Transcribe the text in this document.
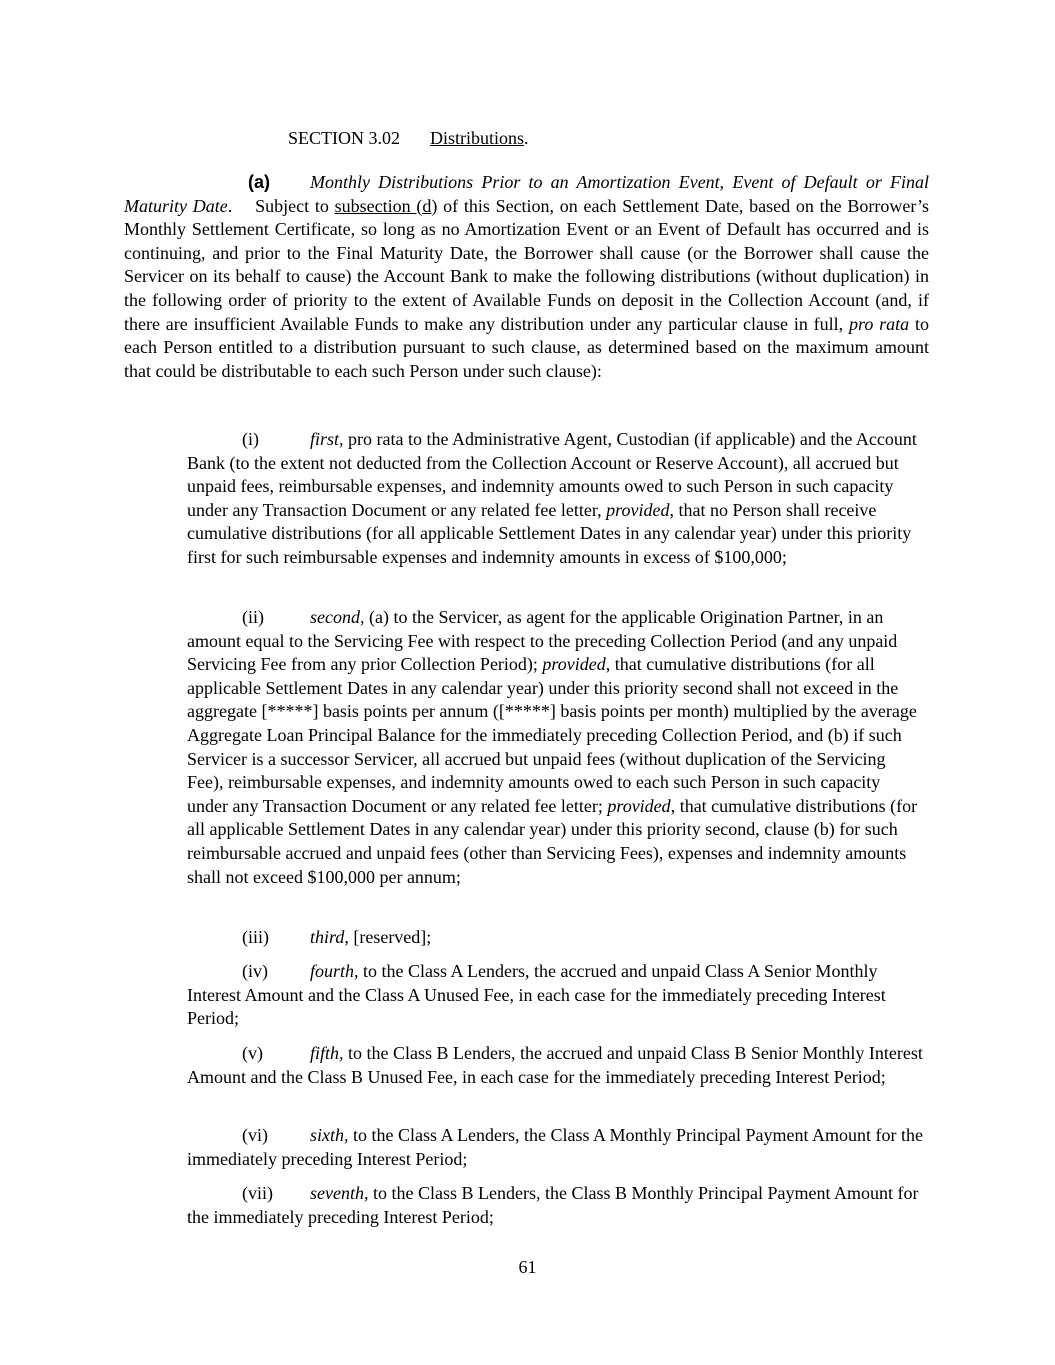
SECTION 3.02 Distributions.

(a) Monthly Distributions Prior to an Amortization Event, Event of Default or Final Maturity Date. Subject to subsection (d) of this Section, on each Settlement Date, based on the Borrower’s Monthly Settlement Certificate, so long as no Amortization Event or an Event of Default has occurred and is continuing, and prior to the Final Maturity Date, the Borrower shall cause (or the Borrower shall cause the Servicer on its behalf to cause) the Account Bank to make the following distributions (without duplication) in the following order of priority to the extent of Available Funds on deposit in the Collection Account (and, if there are insufficient Available Funds to make any distribution under any particular clause in full, pro rata to each Person entitled to a distribution pursuant to such clause, as determined based on the maximum amount that could be distributable to each such Person under such clause):

(i)	first, pro rata to the Administrative Agent, Custodian (if applicable) and the Account Bank (to the extent not deducted from the Collection Account or Reserve Account), all accrued but unpaid fees, reimbursable expenses, and indemnity amounts owed to such Person in such capacity under any Transaction Document or any related fee letter, provided, that no Person shall receive cumulative distributions (for all applicable Settlement Dates in any calendar year) under this priority first for such reimbursable expenses and indemnity amounts in excess of $100,000;

(ii)	second, (a) to the Servicer, as agent for the applicable Origination Partner, in an amount equal to the Servicing Fee with respect to the preceding Collection Period (and any unpaid Servicing Fee from any prior Collection Period); provided, that cumulative distributions (for all applicable Settlement Dates in any calendar year) under this priority second shall not exceed in the aggregate [*****] basis points per annum ([*****] basis points per month) multiplied by the average Aggregate Loan Principal Balance for the immediately preceding Collection Period, and (b) if such Servicer is a successor Servicer, all accrued but unpaid fees (without duplication of the Servicing Fee), reimbursable expenses, and indemnity amounts owed to each such Person in such capacity under any Transaction Document or any related fee letter; provided, that cumulative distributions (for all applicable Settlement Dates in any calendar year) under this priority second, clause (b) for such reimbursable accrued and unpaid fees (other than Servicing Fees), expenses and indemnity amounts shall not exceed $100,000 per annum;

(iii) third, [reserved];

(iv) fourth, to the Class A Lenders, the accrued and unpaid Class A Senior Monthly Interest Amount and the Class A Unused Fee, in each case for the immediately preceding Interest Period;

(v)	fifth, to the Class B Lenders, the accrued and unpaid Class B Senior Monthly Interest Amount and the Class B Unused Fee, in each case for the immediately preceding Interest Period;

(vi) sixth, to the Class A Lenders, the Class A Monthly Principal Payment Amount for the immediately preceding Interest Period;

(vii) seventh, to the Class B Lenders, the Class B Monthly Principal Payment Amount for the immediately preceding Interest Period;

61
